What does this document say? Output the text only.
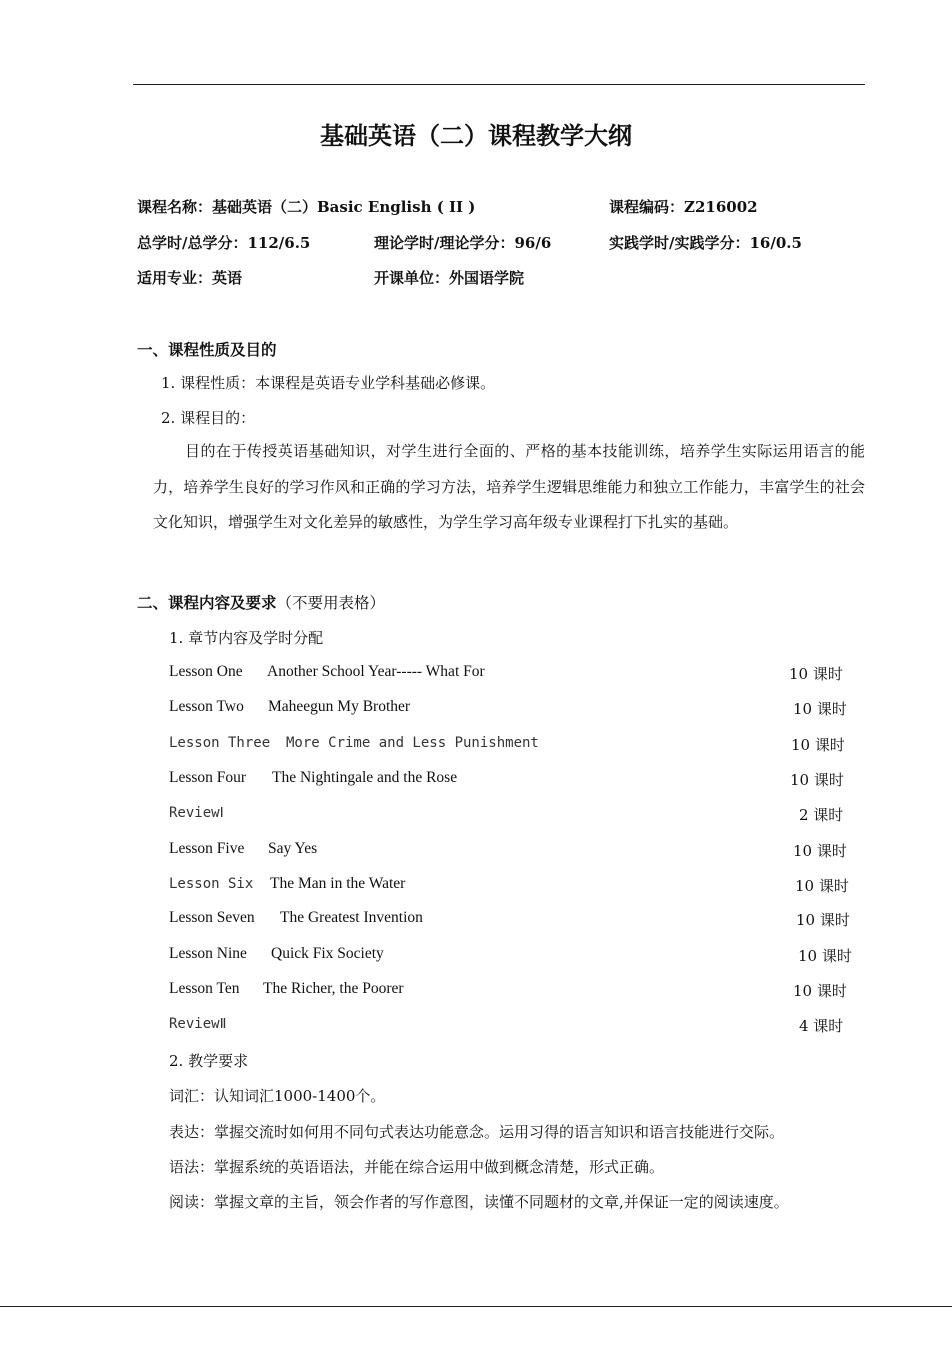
基础英语（二）课程教学大纲
课程名称：基础英语（二）Basic English ( II )	课程编码：Z216002
总学时/总学分：112/6.5	理论学时/理论学分：96/6	实践学时/实践学分：16/0.5
适用专业：英语	开课单位：外国语学院
一、课程性质及目的
1. 课程性质：本课程是英语专业学科基础必修课。
2. 课程目的：
目的在于传授英语基础知识，对学生进行全面的、严格的基本技能训练，培养学生实际运用语言的能力，培养学生良好的学习作风和正确的学习方法，培养学生逻辑思维能力和独立工作能力，丰富学生的社会文化知识，增强学生对文化差异的敏感性，为学生学习高年级专业课程打下扎实的基础。
二、课程内容及要求（不要用表格）
1. 章节内容及学时分配
Lesson One Another School Year----- What For	10 课时
Lesson Two Maheegun My Brother	10 课时
Lesson Three More Crime and Less Punishment	10 课时
Lesson Four The Nightingale and the Rose	10 课时
ReviewⅠ	2 课时
Lesson Five Say Yes	10 课时
Lesson Six The Man in the Water	10 课时
Lesson Seven The Greatest Invention	10 课时
Lesson Nine Quick Fix Society	10 课时
Lesson Ten The Richer, the Poorer	10 课时
ReviewⅡ	4 课时
2. 教学要求
词汇：认知词汇1000-1400个。
表达：掌握交流时如何用不同句式表达功能意念。运用习得的语言知识和语言技能进行交际。
语法：掌握系统的英语语法，并能在综合运用中做到概念清楚，形式正确。
阅读：掌握文章的主旨，领会作者的写作意图，读懂不同题材的文章,并保证一定的阅读速度。
